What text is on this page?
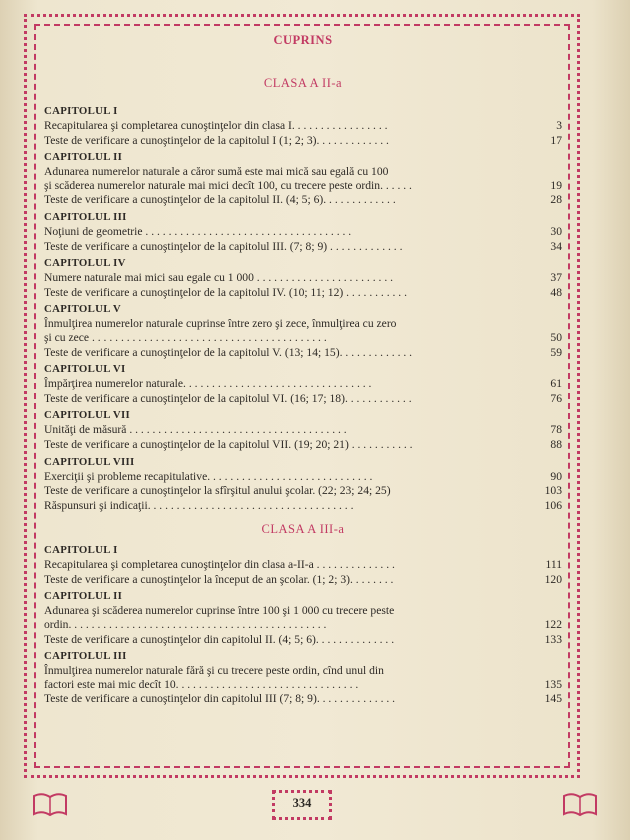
CUPRINS
CLASA A II-a
CAPITOLUL I
Recapitularea şi completarea cunoştinţelor din clasa I. . . . . . . . . . . . . . . . .	3
Teste de verificare a cunoştinţelor de la capitolul I (1; 2; 3). . . . . . . . . . . . .	17
CAPITOLUL II
Adunarea numerelor naturale a căror sumă este mai mică sau egală cu 100
şi scăderea numerelor naturale mai mici decît 100, cu trecere peste ordin. . . . . .	19
Teste de verificare a cunoştinţelor de la capitolul II. (4; 5; 6). . . . . . . . . . . . .	28
CAPITOLUL III
Noţiuni de geometrie . . . . . . . . . . . . . . . . . . . . . . . . . . . . . . . . . . . .	30
Teste de verificare a cunoştinţelor de la capitolul III. (7; 8; 9) . . . . . . . . . . . . .	34
CAPITOLUL IV
Numere naturale mai mici sau egale cu 1 000 . . . . . . . . . . . . . . . . . . . . . . . .	37
Teste de verificare a cunoştinţelor de la capitolul IV. (10; 11; 12) . . . . . . . . . . .	48
CAPITOLUL V
Înmulţirea numerelor naturale cuprinse între zero şi zece, înmulţirea cu zero
şi cu zece . . . . . . . . . . . . . . . . . . . . . . . . . . . . . . . . . . . . . . . . .	50
Teste de verificare a cunoştinţelor de la capitolul V. (13; 14; 15). . . . . . . . . . . . .	59
CAPITOLUL VI
Împărţirea numerelor naturale. . . . . . . . . . . . . . . . . . . . . . . . . . . . . . . . .	61
Teste de verificare a cunoştinţelor de la capitolul VI. (16; 17; 18). . . . . . . . . . . .	76
CAPITOLUL VII
Unităţi de măsură . . . . . . . . . . . . . . . . . . . . . . . . . . . . . . . . . . . . . .	78
Teste de verificare a cunoştinţelor de la capitolul VII. (19; 20; 21) . . . . . . . . . . .	88
CAPITOLUL VIII
Exerciţii şi probleme recapitulative. . . . . . . . . . . . . . . . . . . . . . . . . . . . .	90
Teste de verificare a cunoştinţelor la sfîrşitul anului şcolar. (22; 23; 24; 25)	103
Răspunsuri şi indicaţii. . . . . . . . . . . . . . . . . . . . . . . . . . . . . . . . . . . .	106
CLASA A III-a
CAPITOLUL I
Recapitularea şi completarea cunoştinţelor din clasa a-II-a . . . . . . . . . . . . . .	111
Teste de verificare a cunoştinţelor la început de an şcolar. (1; 2; 3). . . . . . . .	120
CAPITOLUL II
Adunarea şi scăderea numerelor cuprinse între 100 şi 1 000 cu trecere peste
ordin. . . . . . . . . . . . . . . . . . . . . . . . . . . . . . . . . . . . . . . . . . . . .	122
Teste de verificare a cunoştinţelor din capitolul II. (4; 5; 6). . . . . . . . . . . . . .	133
CAPITOLUL III
Înmulţirea numerelor naturale fără şi cu trecere peste ordin, cînd unul din
factori este mai mic decît 10. . . . . . . . . . . . . . . . . . . . . . . . . . . . . . . .	135
Teste de verificare a cunoştinţelor din capitolul III (7; 8; 9). . . . . . . . . . . . . .	145
334
